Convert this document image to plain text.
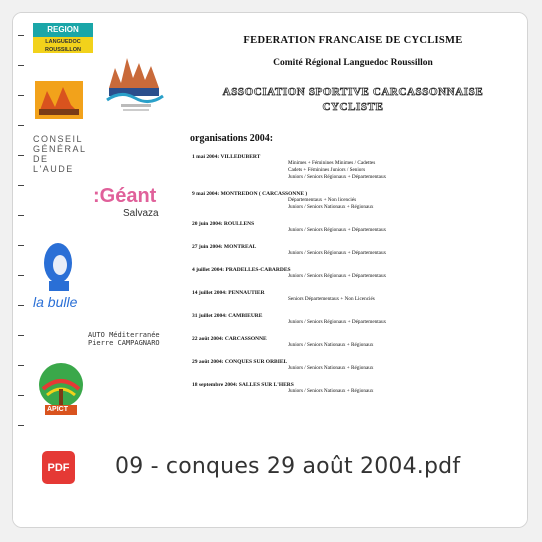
REGION
LANGUEDOC ROUSSILLON
CONSEIL
GÉNÉRAL
DE L'AUDE
:Géant
Salvaza
la bulle
AUTO Méditerranée
Pierre CAMPAGNARO
APICT
FEDERATION FRANCAISE DE CYCLISME
Comité Régional Languedoc Roussillon
ASSOCIATION SPORTIVE CARCASSONNAISE
CYCLISTE
organisations 2004:
1 mai 2004: VILLEDUBERT
Minimes + Féminines Minimes / Cadettes
Cadets + Féminines Juniors / Seniors
Juniors / Seniors Régionaux + Départementaux
9 mai 2004: MONTREDON ( CARCASSONNE )
Départementaux + Non licenciés
Juniors / Seniors Nationaux + Régionaux
20 juin 2004: ROULLENS
Juniors / Seniors Régionaux + Départementaux
27 juin 2004: MONTREAL
Juniors / Seniors Régionaux + Départementaux
4 juillet 2004: PRADELLES-CABARDES
Juniors / Seniors Régionaux + Départementaux
14 juillet 2004: PENNAUTIER
Seniors Départementaux + Non Licenciés
31 juillet 2004: CAMBIEURE
Juniors / Seniors Régionaux + Départementaux
22 août 2004: CARCASSONNE
Juniors / Seniors Nationaux + Régionaux
29 août 2004: CONQUES SUR ORBIEL
Juniors / Seniors Nationaux + Régionaux
18 septembre 2004: SALLES SUR L'HERS
Juniors / Seniors Nationaux + Régionaux
PDF 09 - conques 29 août 2004.pdf
